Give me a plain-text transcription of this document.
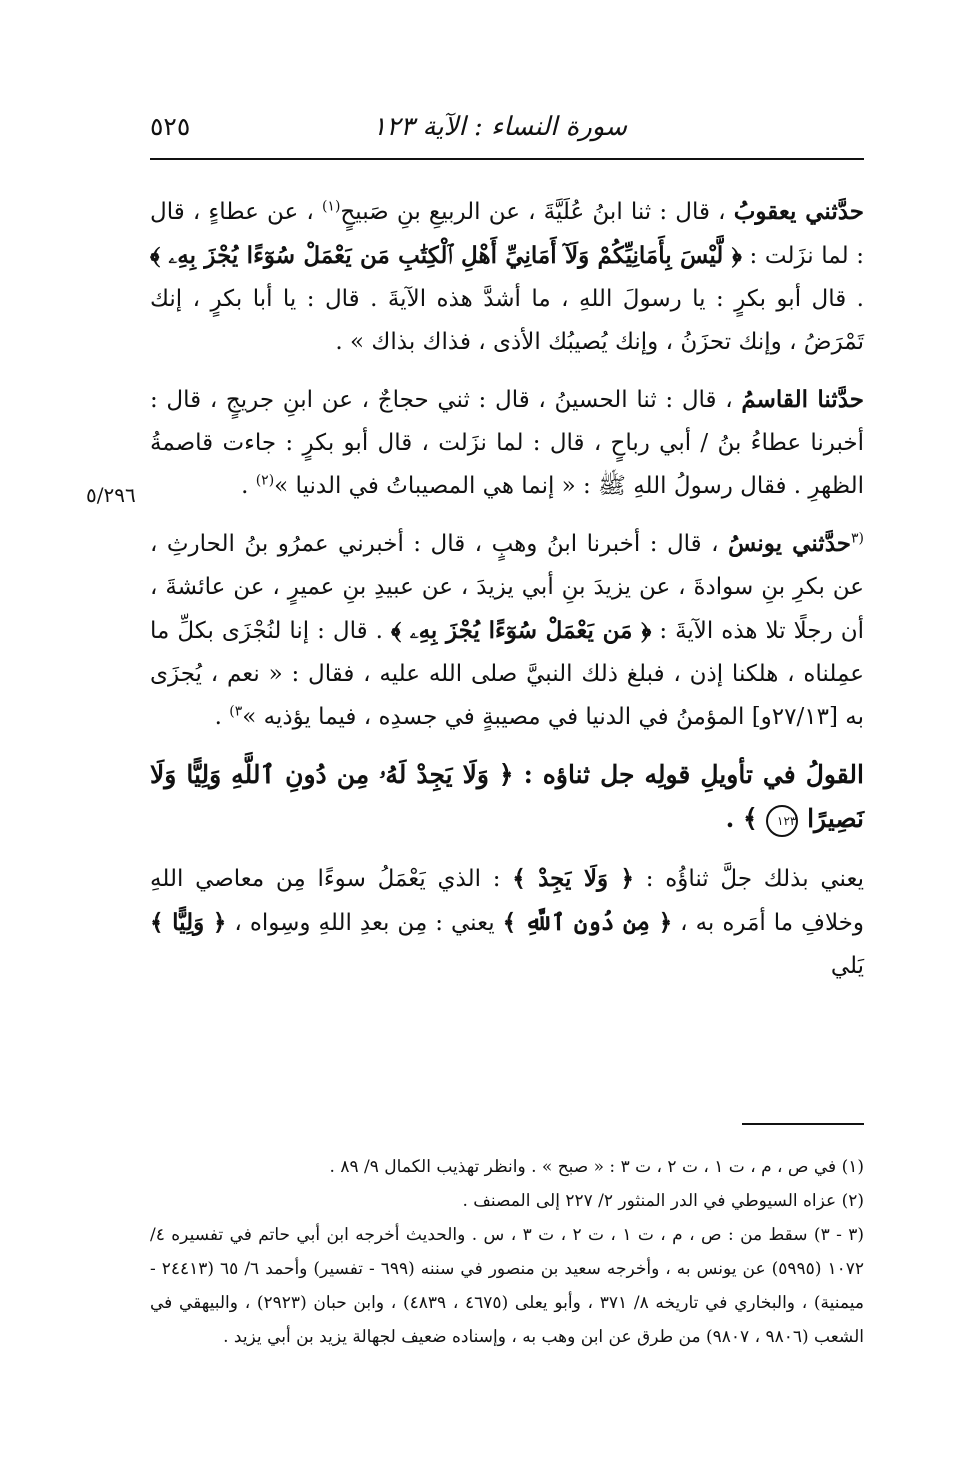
سورة النساء : الآية ١٢٣
٥٢٥
٥/٢٩٦

حدَّثني يعقوبُ ، قال : ثنا ابنُ عُلَيَّةَ ، عن الربيعِ بنِ صَبيحٍ$^{(١)}$ ، عن عطاءٍ ، قال : لما نزَلت : ﴿ لَّيْسَ بِأَمَانِيِّكُمْ وَلَآ أَمَانِيِّ أَهْلِ ٱلْكِتَٰبِ مَن يَعْمَلْ سُوٓءًا يُجْزَ بِهِۦ ﴾ . قال أبو بكرٍ : يا رسولَ اللهِ ، ما أشدَّ هذه الآيةَ . قال : يا أبا بكرٍ ، إنك تَمْرَضُ ، وإنك تحزَنُ ، وإنك يُصيبُك الأذى ، فذاك بذاك » .

حدَّثنا القاسمُ ، قال : ثنا الحسينُ ، قال : ثني حجاجٌ ، عن ابنِ جريجٍ ، قال : أخبرنا عطاءُ بنُ / أبي رباحٍ ، قال : لما نزَلت ، قال أبو بكرٍ : جاءت قاصمةُ الظهرِ . فقال رسولُ اللهِ ﷺ : « إنما هي المصيباتُ في الدنيا »$^{(٢)}$ .

$^{(٣}$حدَّثني يونسُ ، قال : أخبرنا ابنُ وهبٍ ، قال : أخبرني عمرُو بنُ الحارثِ ، عن بكرِ بنِ سوادةَ ، عن يزيدَ بنِ أبي يزيدَ ، عن عبيدِ بنِ عميرٍ ، عن عائشةَ ، أن رجلًا تلا هذه الآيةَ : ﴿ مَن يَعْمَلْ سُوٓءًا يُجْزَ بِهِۦ ﴾ . قال : إنا لنُجْزَى بكلِّ ما عمِلناه ، هلكنا إذن ، فبلغ ذلك النبيَّ صلى الله عليه ، فقال : « نعم ، يُجزَى به [٢٧/١٣و] المؤمنُ في الدنيا في مصيبةٍ في جسدِه ، فيما يؤذيه »$^{٣)}$ .

القولُ في تأويلِ قولِه جل ثناؤه : ﴿ وَلَا يَجِدْ لَهُۥ مِن دُونِ ٱللَّهِ وَلِيًّا وَلَا نَصِيرًا ١٢٣ ﴾ .

يعني بذلك جلَّ ثناؤُه : ﴿ وَلَا يَجِدْ ﴾ : الذي يَعْمَلُ سوءًا مِن معاصي اللهِ وخلافِ ما أمَره به ، ﴿ مِن دُونِ ٱللَّهِ ﴾ يعني : مِن بعدِ اللهِ وسِواه ، ﴿ وَلِيًّا ﴾ يَلي

(١) في ص ، م ، ت ١ ، ت ٢ ، ت ٣ : « صبح » . وانظر تهذيب الكمال ٩/ ٨٩ .

(٢) عزاه السيوطي في الدر المنثور ٢/ ٢٢٧ إلى المصنف .

(٣ - ٣) سقط من : ص ، م ، ت ١ ، ت ٢ ، ت ٣ ، س . والحديث أخرجه ابن أبي حاتم في تفسيره ٤/ ١٠٧٢ (٥٩٩٥) عن يونس به ، وأخرجه سعيد بن منصور في سننه (٦٩٩ - تفسير) وأحمد ٦/ ٦٥ (٢٤٤١٣ - ميمنية) ، والبخاري في تاريخه ٨/ ٣٧١ ، وأبو يعلى (٤٦٧٥ ، ٤٨٣٩) ، وابن حبان (٢٩٢٣) ، والبيهقي في الشعب (٩٨٠٦ ، ٩٨٠٧) من طرق عن ابن وهب به ، وإسناده ضعيف لجهالة يزيد بن أبي يزيد .
